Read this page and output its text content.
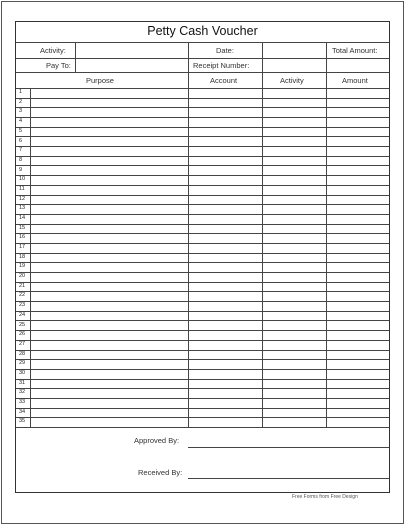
Petty Cash Voucher
Activity:	Date:	Total Amount:
Pay To:	Receipt Number:
Purpose	Account	Activity	Amount
1
2
3
4
5
6
7
8
9
10
11
12
13
14
15
16
17
18
19
20
21
22
23
24
25
26
27
28
29
30
31
32
33
34
35
Approved By:
Received By:
Free Forms from Free Design
